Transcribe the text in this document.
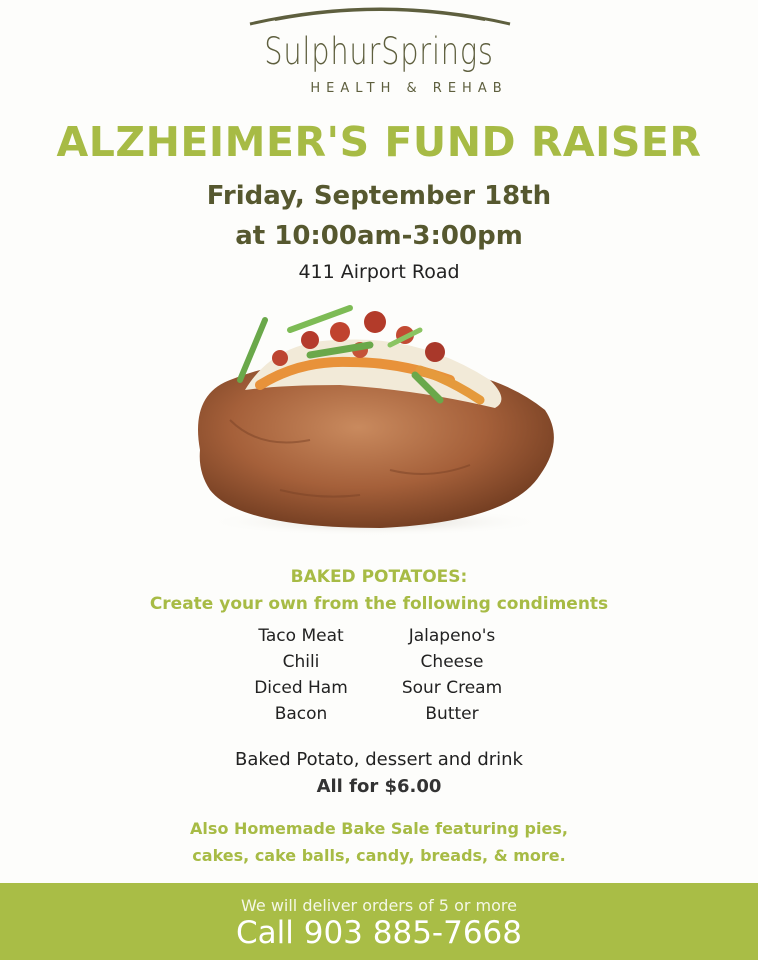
SulphurSprings
HEALTH & REHAB
ALZHEIMER'S FUND RAISER
Friday, September 18th
at 10:00am-3:00pm
411 Airport Road
BAKED POTATOES:
Create your own from the following condiments
Taco Meat
Chili
Diced Ham
Bacon
Jalapeno's
Cheese
Sour Cream
Butter
Baked Potato, dessert and drink
All for $6.00
Also Homemade Bake Sale featuring pies,
cakes, cake balls, candy, breads, & more.
We will deliver orders of 5 or more
Call 903 885-7668
